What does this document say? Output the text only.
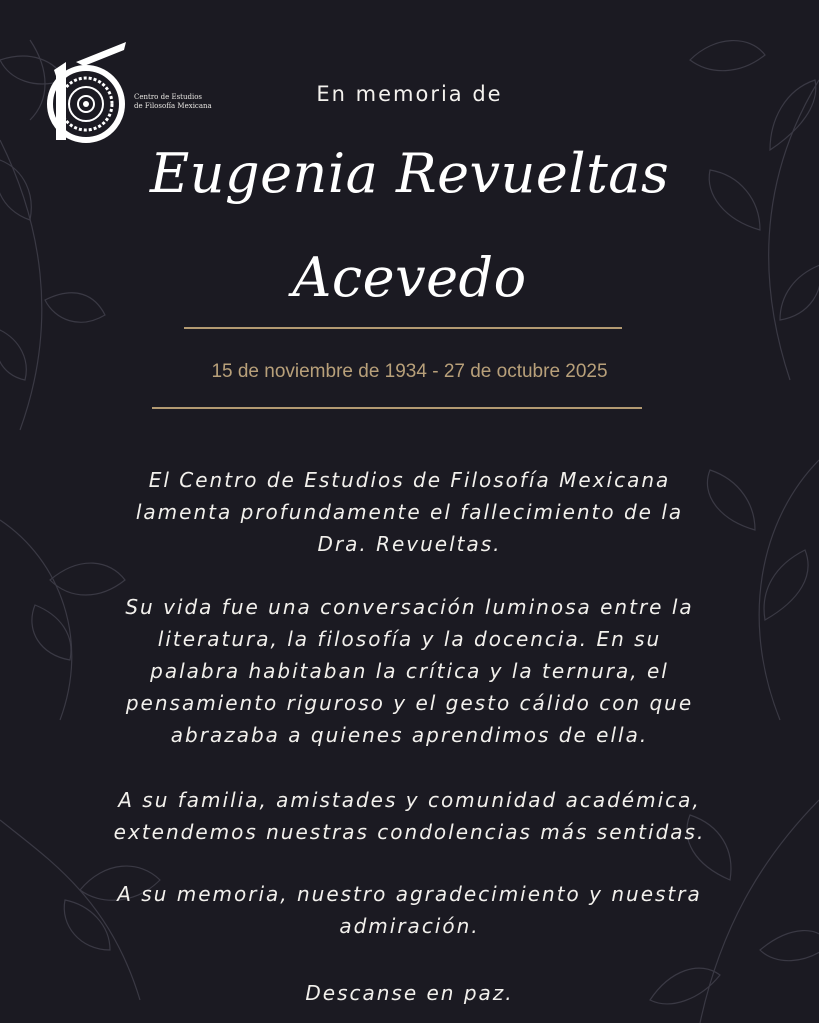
Centro de Estudios
de Filosofía Mexicana	En memoria de
Eugenia Revueltas
Acevedo
15 de noviembre de 1934 - 27 de octubre 2025
El Centro de Estudios de Filosofía Mexicana
lamenta profundamente el fallecimiento de la
Dra. Revueltas.
Su vida fue una conversación luminosa entre la
literatura, la filosofía y la docencia. En su
palabra habitaban la crítica y la ternura, el
pensamiento riguroso y el gesto cálido con que
abrazaba a quienes aprendimos de ella.
A su familia, amistades y comunidad académica,
extendemos nuestras condolencias más sentidas.
A su memoria, nuestro agradecimiento y nuestra
admiración.
Descanse en paz.
